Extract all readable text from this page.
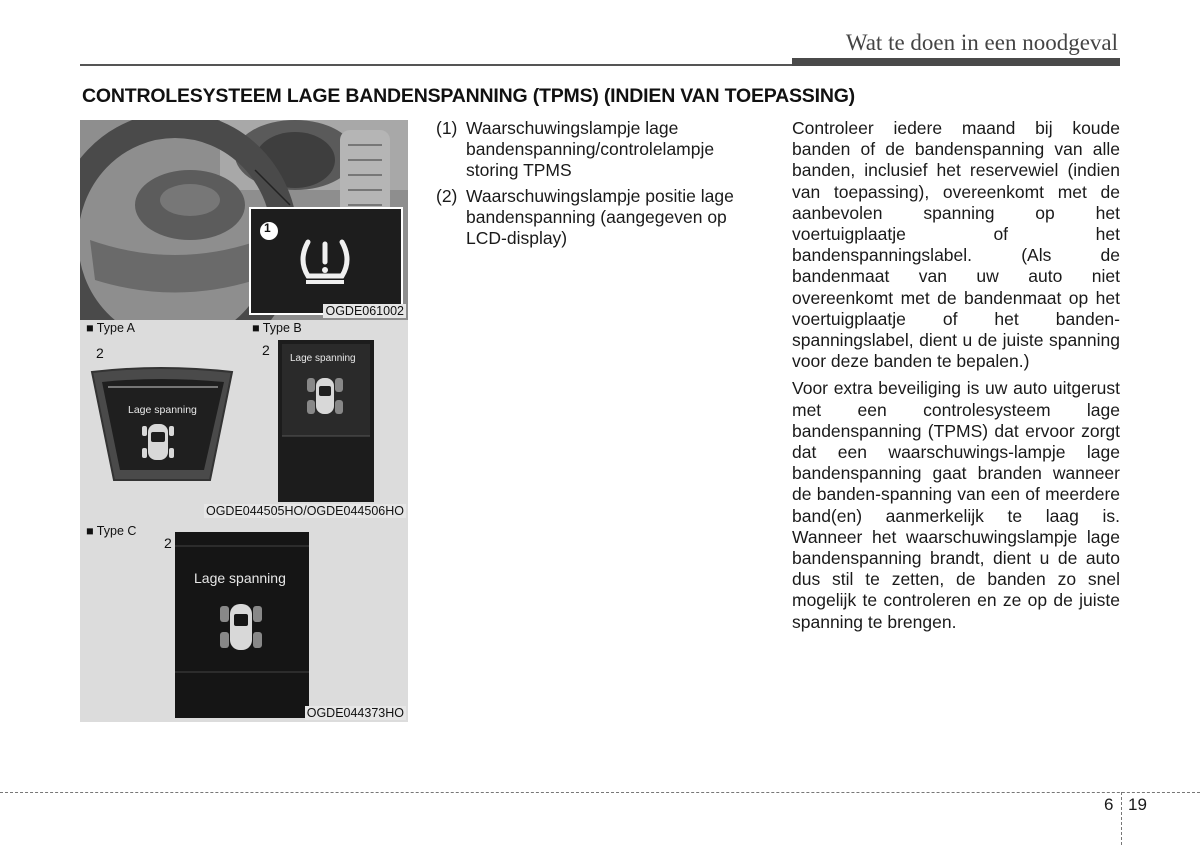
Wat te doen in een noodgeval
CONTROLESYSTEEM LAGE BANDENSPANNING (TPMS) (INDIEN VAN TOEPASSING)
1
OGDE061002
■ Type A	■ Type B
2	2
Lage spanning
Lage spanning
OGDE044505HO/OGDE044506HO
■ Type C
2
Lage spanning
OGDE044373HO
(1) Waarschuwingslampje lage bandenspanning/controlelampje storing TPMS
(2) Waarschuwingslampje positie lage bandenspanning (aangegeven op LCD-display)

Controleer iedere maand bij koude banden of de bandenspanning van alle banden, inclusief het reservewiel (indien van toepassing), overeenkomt met de aanbevolen spanning op het voertuigplaatje of het bandenspanningslabel. (Als de bandenmaat van uw auto niet overeenkomt met de bandenmaat op het voertuigplaatje of het banden-spanningslabel, dient u de juiste spanning voor deze banden te bepalen.)

Voor extra beveiliging is uw auto uitgerust met een controlesysteem lage bandenspanning (TPMS) dat ervoor zorgt dat een waarschuwings-lampje lage bandenspanning gaat branden wanneer de banden-spanning van een of meerdere band(en) aanmerkelijk te laag is. Wanneer het waarschuwingslampje lage bandenspanning brandt, dient u de auto dus stil te zetten, de banden zo snel mogelijk te controleren en ze op de juiste spanning te brengen.

6 19
